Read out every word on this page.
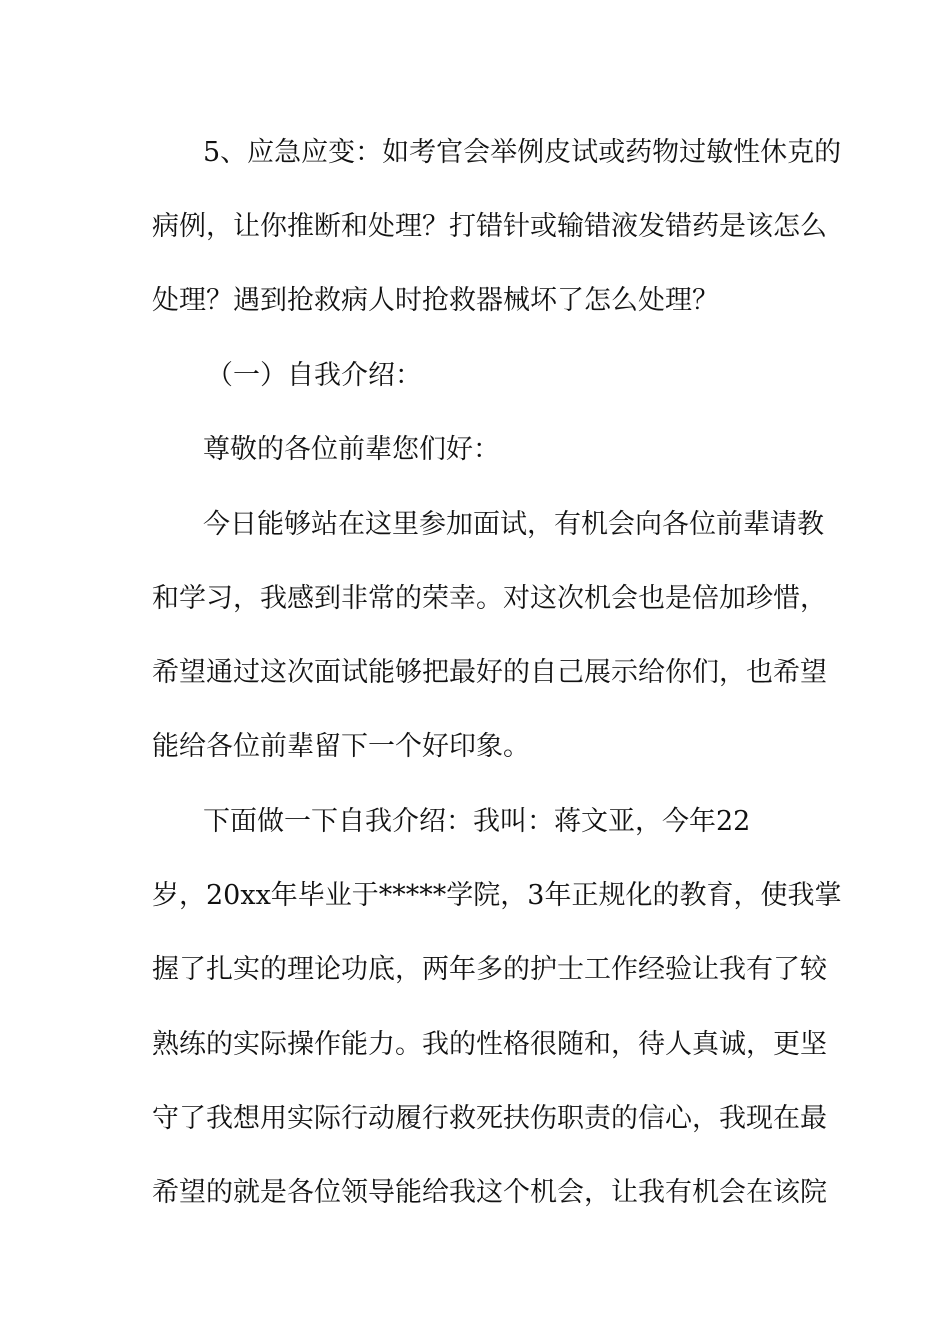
5、应急应变：如考官会举例皮试或药物过敏性休克的
病例，让你推断和处理？打错针或输错液发错药是该怎么
处理？遇到抢救病人时抢救器械坏了怎么处理？
（一）自我介绍：
尊敬的各位前辈您们好：
今日能够站在这里参加面试，有机会向各位前辈请教
和学习，我感到非常的荣幸。对这次机会也是倍加珍惜，
希望通过这次面试能够把最好的自己展示给你们，也希望
能给各位前辈留下一个好印象。
下面做一下自我介绍：我叫：蒋文亚，今年22
岁，20xx年毕业于*****学院，3年正规化的教育，使我掌
握了扎实的理论功底，两年多的护士工作经验让我有了较
熟练的实际操作能力。我的性格很随和，待人真诚，更坚
守了我想用实际行动履行救死扶伤职责的信心，我现在最
希望的就是各位领导能给我这个机会，让我有机会在该院
